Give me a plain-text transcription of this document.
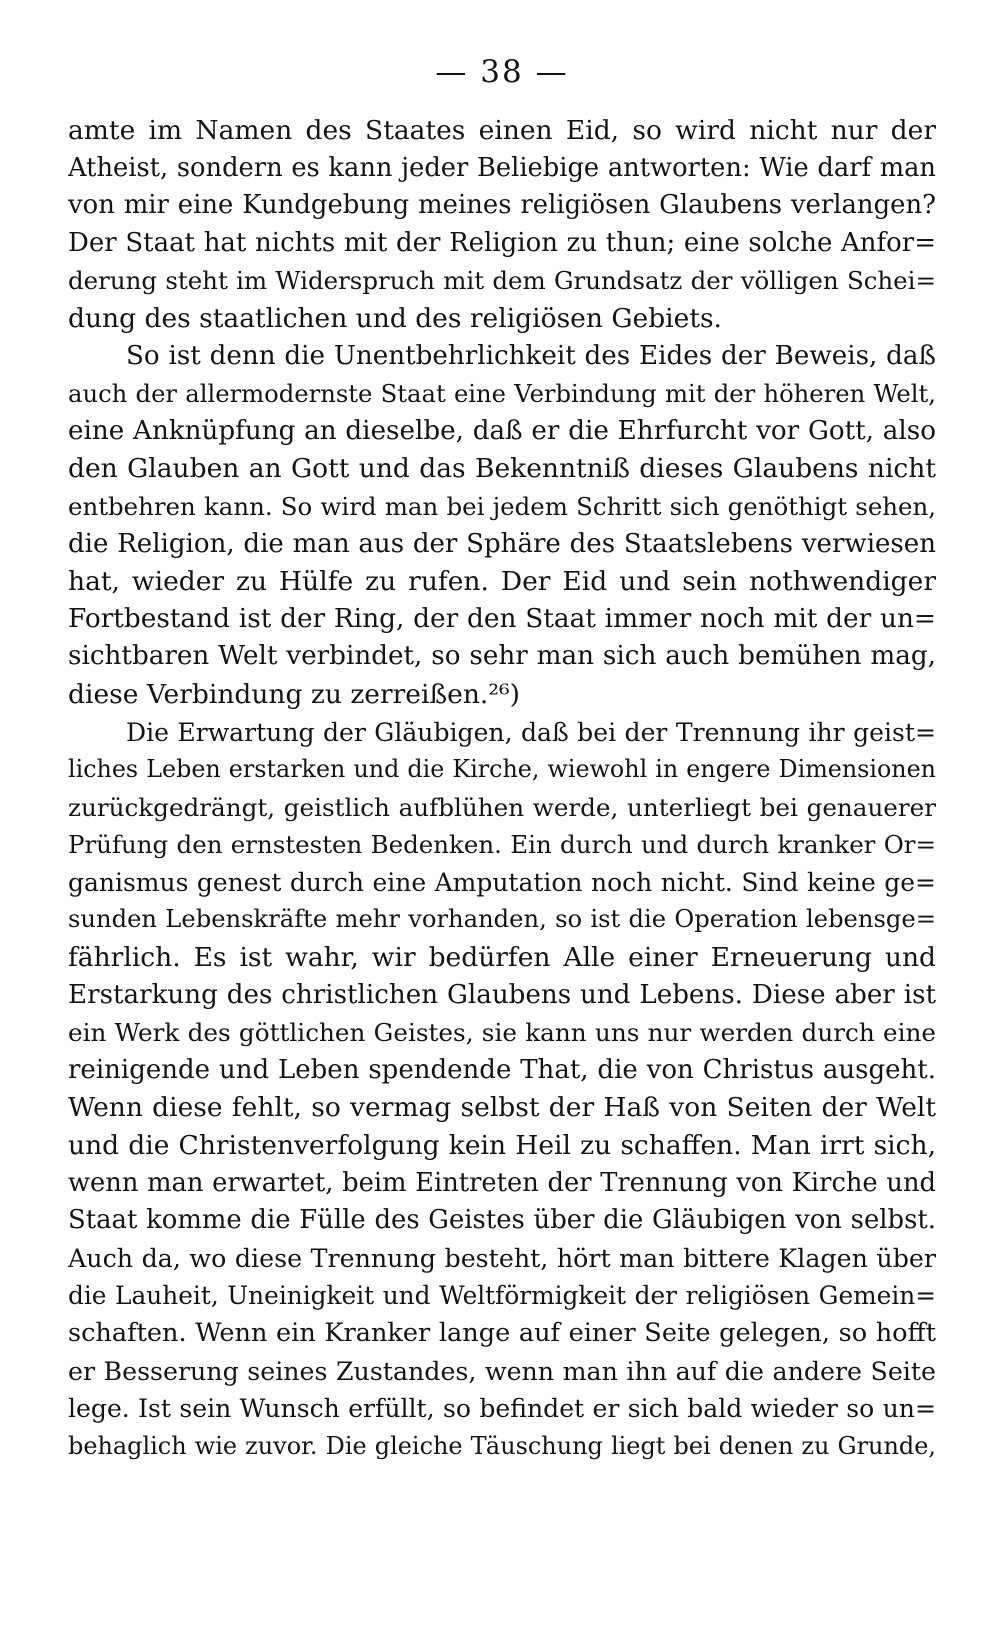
— 38 —
amte im Namen des Staates einen Eid, so wird nicht nur der
Atheist, sondern es kann jeder Beliebige antworten: Wie darf man
von mir eine Kundgebung meines religiösen Glaubens verlangen?
Der Staat hat nichts mit der Religion zu thun; eine solche Anfor=
derung steht im Widerspruch mit dem Grundsatz der völligen Schei=
dung des staatlichen und des religiösen Gebiets.
So ist denn die Unentbehrlichkeit des Eides der Beweis, daß
auch der allermodernste Staat eine Verbindung mit der höheren Welt,
eine Anknüpfung an dieselbe, daß er die Ehrfurcht vor Gott, also
den Glauben an Gott und das Bekenntniß dieses Glaubens nicht
entbehren kann. So wird man bei jedem Schritt sich genöthigt sehen,
die Religion, die man aus der Sphäre des Staatslebens verwiesen
hat, wieder zu Hülfe zu rufen. Der Eid und sein nothwendiger
Fortbestand ist der Ring, der den Staat immer noch mit der un=
sichtbaren Welt verbindet, so sehr man sich auch bemühen mag,
diese Verbindung zu zerreißen.²⁶)
Die Erwartung der Gläubigen, daß bei der Trennung ihr geist=
liches Leben erstarken und die Kirche, wiewohl in engere Dimensionen
zurückgedrängt, geistlich aufblühen werde, unterliegt bei genauerer
Prüfung den ernstesten Bedenken. Ein durch und durch kranker Or=
ganismus genest durch eine Amputation noch nicht. Sind keine ge=
sunden Lebenskräfte mehr vorhanden, so ist die Operation lebensge=
fährlich. Es ist wahr, wir bedürfen Alle einer Erneuerung und
Erstarkung des christlichen Glaubens und Lebens. Diese aber ist
ein Werk des göttlichen Geistes, sie kann uns nur werden durch eine
reinigende und Leben spendende That, die von Christus ausgeht.
Wenn diese fehlt, so vermag selbst der Haß von Seiten der Welt
und die Christenverfolgung kein Heil zu schaffen. Man irrt sich,
wenn man erwartet, beim Eintreten der Trennung von Kirche und
Staat komme die Fülle des Geistes über die Gläubigen von selbst.
Auch da, wo diese Trennung besteht, hört man bittere Klagen über
die Lauheit, Uneinigkeit und Weltförmigkeit der religiösen Gemein=
schaften. Wenn ein Kranker lange auf einer Seite gelegen, so hofft
er Besserung seines Zustandes, wenn man ihn auf die andere Seite
lege. Ist sein Wunsch erfüllt, so befindet er sich bald wieder so un=
behaglich wie zuvor. Die gleiche Täuschung liegt bei denen zu Grunde,
